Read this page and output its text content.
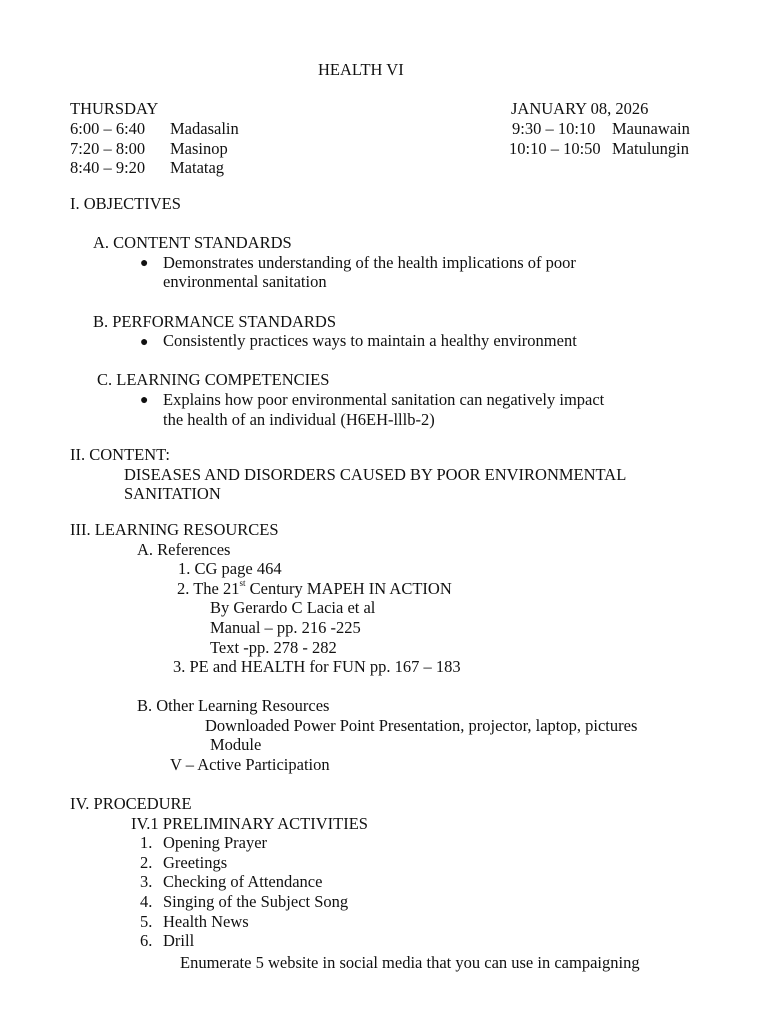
HEALTH VI
THURSDAY	JANUARY 08, 2026
6:00 – 6:40 Madasalin
7:20 – 8:00 Masinop
8:40 – 9:20 Matatag
9:30 – 10:10 Maunawain
10:10 – 10:50 Matulungin
I. OBJECTIVES
A. CONTENT STANDARDS
● Demonstrates understanding of the health implications of poor
environmental sanitation
B. PERFORMANCE STANDARDS
● Consistently practices ways to maintain a healthy environment
C. LEARNING COMPETENCIES
● Explains how poor environmental sanitation can negatively impact
the health of an individual (H6EH-lllb-2)
II. CONTENT:
DISEASES AND DISORDERS CAUSED BY POOR ENVIRONMENTAL
SANITATION
III. LEARNING RESOURCES
A. References
1. CG page 464
2. The 21st Century MAPEH IN ACTION
By Gerardo C Lacia et al
Manual – pp. 216 -225
Text -pp. 278 - 282
3. PE and HEALTH for FUN pp. 167 – 183
B. Other Learning Resources
Downloaded Power Point Presentation, projector, laptop, pictures
Module
V – Active Participation
IV. PROCEDURE
IV.1 PRELIMINARY ACTIVITIES
1. Opening Prayer
2. Greetings
3. Checking of Attendance
4. Singing of the Subject Song
5. Health News
6. Drill
Enumerate 5 website in social media that you can use in campaigning
